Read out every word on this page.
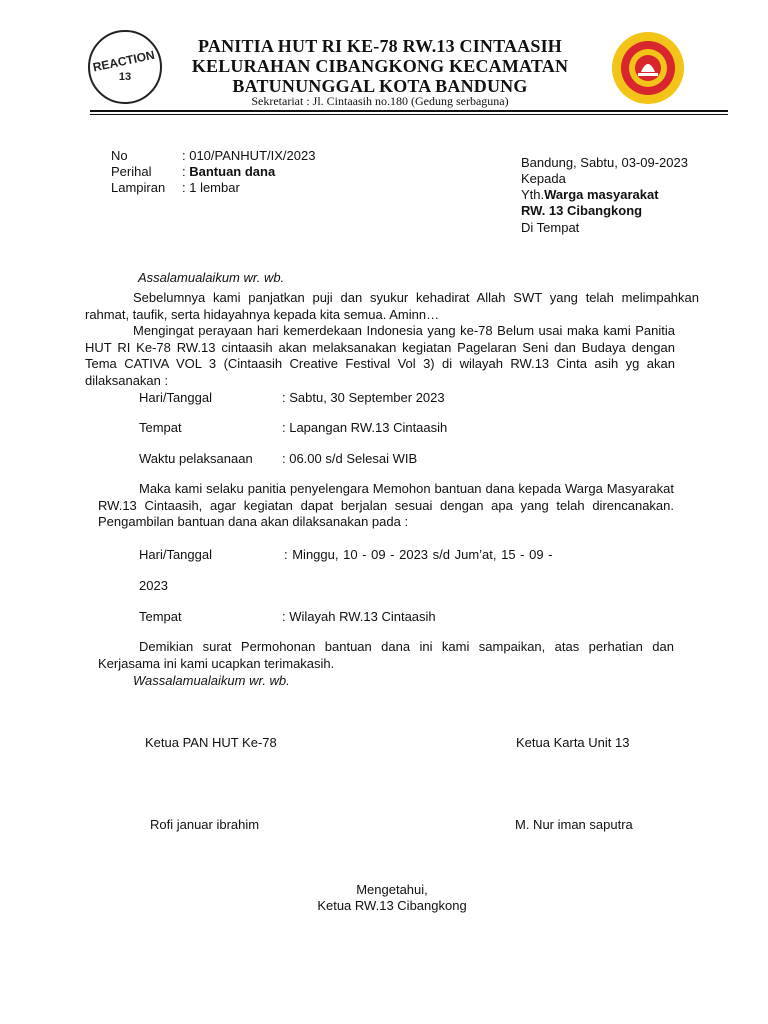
REACTION
13
PANITIA HUT RI KE-78 RW.13 CINTAASIH
KELURAHAN CIBANGKONG KECAMATAN
BATUNUNGGAL KOTA BANDUNG
Sekretariat : Jl. Cintaasih no.180 (Gedung serbaguna)
No	: 010/PANHUT/IX/2023
Perihal : Bantuan dana
Lampiran : 1 lembar
Bandung, Sabtu, 03-09-2023
Kepada
Yth.Warga masyarakat
RW. 13 Cibangkong
Di Tempat
Assalamualaikum wr. wb.
Sebelumnya kami panjatkan puji dan syukur kehadirat Allah SWT yang telah melimpahkan rahmat, taufik, serta hidayahnya kepada kita semua. Aminn…
Mengingat perayaan hari kemerdekaan Indonesia yang ke-78 Belum usai maka kami Panitia HUT RI Ke-78 RW.13 cintaasih akan melaksanakan kegiatan Pagelaran Seni dan Budaya dengan Tema CATIVA VOL 3 (Cintaasih Creative Festival Vol 3) di wilayah RW.13 Cinta asih yg akan dilaksanakan :
Hari/Tanggal	: Sabtu, 30 September 2023
Tempat	: Lapangan RW.13 Cintaasih
Waktu pelaksanaan : 06.00 s/d Selesai WIB
Maka kami selaku panitia penyelengara Memohon bantuan dana kepada Warga Masyarakat RW.13 Cintaasih, agar kegiatan dapat berjalan sesuai dengan apa yang telah direncanakan. Pengambilan bantuan dana akan dilaksanakan pada :
Hari/Tanggal	: Minggu, 10 - 09 - 2023 s/d Jum’at, 15 - 09 -
2023
Tempat	: Wilayah RW.13 Cintaasih
Demikian surat Permohonan bantuan dana ini kami sampaikan, atas perhatian dan Kerjasama ini kami ucapkan terimakasih.
Wassalamualaikum wr. wb.
Ketua PAN HUT Ke-78	Ketua Karta Unit 13
Rofi januar ibrahim	M. Nur iman saputra
Mengetahui,
Ketua RW.13 Cibangkong
